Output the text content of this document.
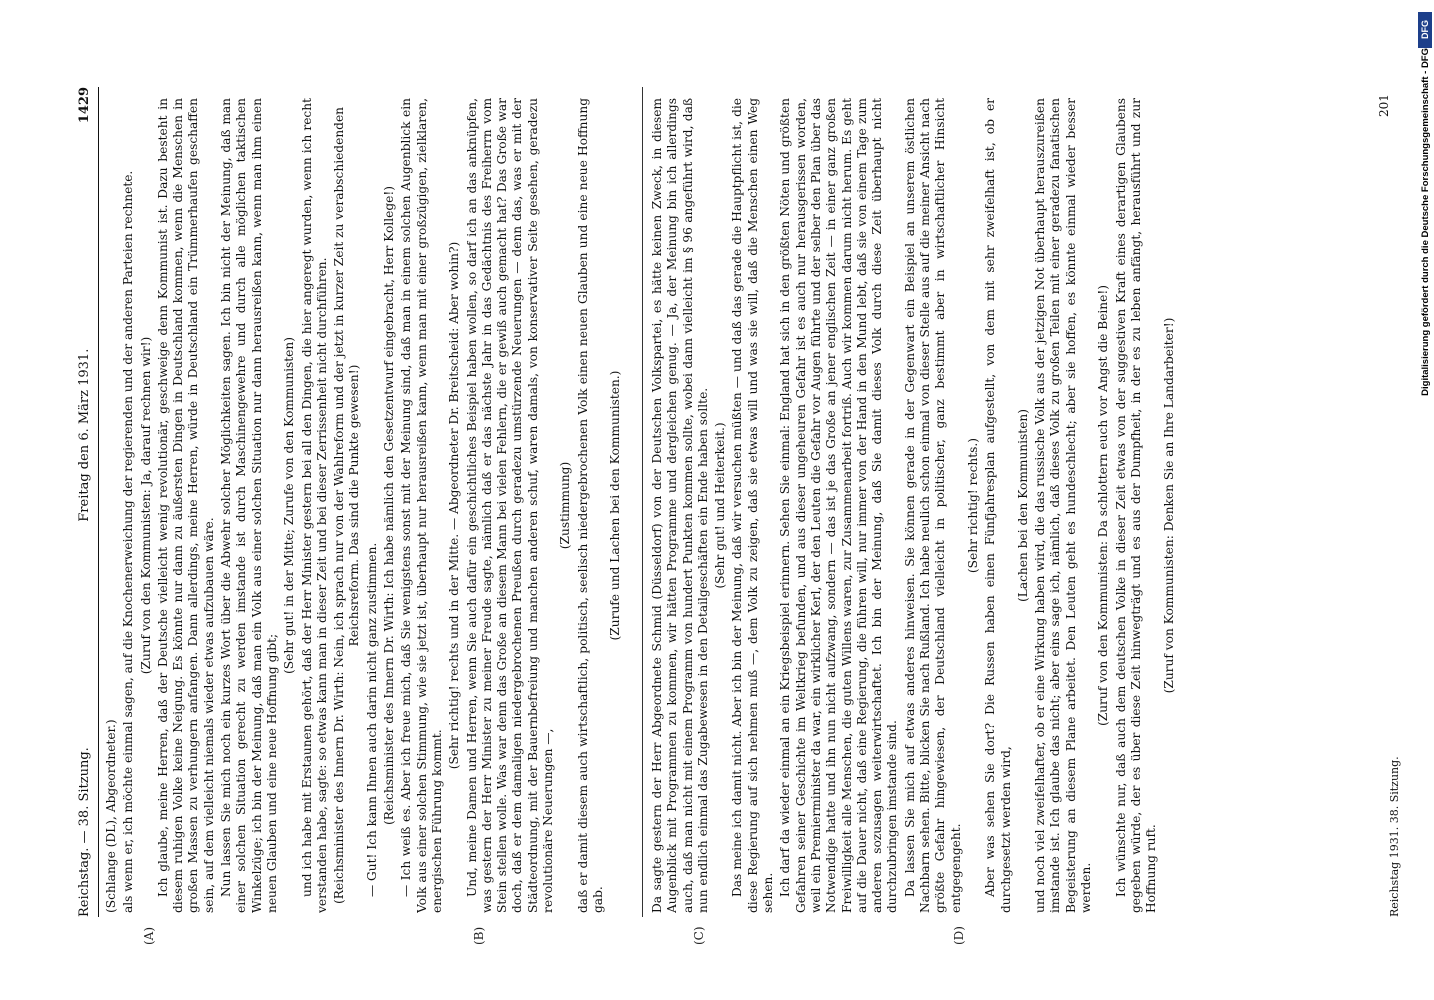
Reichstag. — 38. Sitzung.
Freitag den 6. März 1931.
1429
(A)	(B)	(C)	(D)

(Schlange (DL), Abgeordneter.) als wenn er, ich möchte einmal sagen, auf die Knochenerweichung der regierenden und der anderen Parteien rechnete. (Zuruf von den Kommunisten: Ja, darauf rechnen wir!) Ich glaube, meine Herren, daß der Deutsche vielleicht wenig revolutionär, geschweige denn Kommunist ist. Dazu besteht in diesem ruhigen Volke keine Neigung. Es könnte nur dann zu äußersten Dingen in Deutschland kommen, wenn die Menschen in großen Massen zu verhungern anfangen. Dann allerdings, meine Herren, würde in Deutschland ein Trümmerhaufen geschaffen sein, auf dem vielleicht niemals wieder etwas aufzubauen wäre. Nun lassen Sie mich noch ein kurzes Wort über die Abwehr solcher Möglichkeiten sagen. Ich bin nicht der Meinung, daß man einer solchen Situation gerecht zu werden imstande ist durch Maschinengewehre und durch alle möglichen taktischen Winkelzüge; ich bin der Meinung, daß man ein Volk aus einer solchen Situation nur dann herausreißen kann, wenn man ihm einen neuen Glauben und eine neue Hoffnung gibt;

(Sehr gut! in der Mitte; Zurufe von den Kommunisten) und ich habe mit Erstaunen gehört, daß der Herr Minister gestern bei all den Dingen, die hier angeregt wurden, wenn ich recht verstanden habe, sagte: so etwas kann man in dieser Zeit und bei dieser Zerrissenheit nicht durchführen. (Reichsminister des Innern Dr. Wirth: Nein, ich sprach nur von der Wahlreform und der jetzt in kurzer Zeit zu verabschiedenden Reichsreform. Das sind die Punkte gewesen!)

— Gut! Ich kann Ihnen auch darin nicht ganz zustimmen. (Reichsminister des Innern Dr. Wirth: Ich habe nämlich den Gesetzentwurf eingebracht, Herr Kollege!) — Ich weiß es. Aber ich freue mich, daß Sie wenigstens sonst mit der Meinung sind, daß man in einem solchen Augenblick ein Volk aus einer solchen Stimmung, wie sie jetzt ist, überhaupt nur herausreißen kann, wenn man mit einer großzügigen, zielklaren, energischen Führung kommt.

(Sehr richtig! rechts und in der Mitte. — Abgeordneter Dr. Breitscheid: Aber wohin?) Und, meine Damen und Herren, wenn Sie auch dafür ein geschichtliches Beispiel haben wollen, so darf ich an das anknüpfen, was gestern der Herr Minister zu meiner Freude sagte, nämlich daß er das nächste Jahr in das Gedächtnis des Freiherrn vom Stein stellen wolle. Was war denn das Große an diesem Mann bei vielen Fehlern, die er gewiß auch gemacht hat? Das Große war doch, daß er dem damaligen niedergebrochenen Preußen durch geradezu umstürzende Neuerungen — denn das, was er mit der Städteordnung, mit der Bauernbefreiung und manchen anderen schuf, waren damals, von konservativer Seite gesehen, geradezu revolutionäre Neuerungen —,

(Zustimmung) daß er damit diesem auch wirtschaftlich, politisch, seelisch niedergebrochenen Volk einen neuen Glauben und eine neue Hoffnung gab.

(Zurufe und Lachen bei den Kommunisten.) Da sagte gestern der Herr Abgeordnete Schmid (Düsseldorf) von der Deutschen Volkspartei, es hätte keinen Zweck, in diesem Augenblick mit Programmen zu kommen, wir hätten Programme und dergleichen genug. — Ja, der Meinung bin ich allerdings auch, daß man nicht mit einem Programm von hundert Punkten kommen sollte, wobei dann vielleicht im § 96 angeführt wird, daß nun endlich einmal das Zugabewesen in den Detailgeschäften ein Ende haben sollte. (Sehr gut! und Heiterkeit.) Das meine ich damit nicht. Aber ich bin der Meinung, daß wir versuchen müßten — und daß das gerade die Hauptpflicht ist, die diese Regierung auf sich nehmen muß —, dem Volk zu zeigen, daß sie etwas will und was sie will, daß die Menschen einen Weg sehen. Ich darf da wieder einmal an ein Kriegsbeispiel erinnern. Sehen Sie einmal: England hat sich in den größten Nöten und größten Gefahren seiner Geschichte im Weltkrieg befunden, und aus dieser ungeheuren Gefahr ist es auch nur herausgerissen worden, weil ein Premierminister da war, ein wirklicher Kerl, der den Leuten die Gefahr vor Augen führte und der selber den Plan über das Notwendige hatte und ihn nun nicht aufzwang, sondern — das ist je das Große an jener englischen Zeit — in einer ganz großen Freiwilligkeit alle Menschen, die guten Willens waren, zur Zusammenarbeit fortriß. Auch wir kommen darum nicht herum. Es geht auf die Dauer nicht, daß eine Regierung, die führen will, nur immer von der Hand in den Mund lebt, daß sie von einem Tage zum anderen sozusagen weiterwirtschaftet. Ich bin der Meinung, daß Sie damit dieses Volk durch diese Zeit überhaupt nicht durchzubringen imstande sind. Da lassen Sie mich auf etwas anderes hinweisen. Sie können gerade in der Gegenwart ein Beispiel an unserem östlichen Nachbarn sehen. Bitte, blicken Sie nach Rußland. Ich habe neulich schon einmal von dieser Stelle aus auf die meiner Ansicht nach größte Gefahr hingewiesen, der Deutschland vielleicht in politischer, ganz bestimmt aber in wirtschaftlicher Hinsicht entgegengeht.

(Sehr richtig! rechts.) Aber was sehen Sie dort? Die Russen haben einen Fünfjahresplan aufgestellt, von dem mit sehr zweifelhaft ist, ob er durchgesetzt werden wird,

(Lachen bei den Kommunisten) und noch viel zweifelhafter, ob er eine Wirkung haben wird, die das russische Volk aus der jetzigen Not überhaupt herauszureißen imstande ist. Ich glaube das nicht; aber eins sage ich, nämlich, daß dieses Volk zu großen Teilen mit einer geradezu fanatischen Begeisterung an diesem Plane arbeitet. Den Leuten geht es hundeschlecht; aber sie hoffen, es könnte einmal wieder besser werden.

(Zuruf von den Kommunisten: Da schlottern euch vor Angst die Beine!) Ich wünschte nur, daß auch dem deutschen Volke in dieser Zeit etwas von der suggestiven Kraft eines derartigen Glaubens gegeben würde, der es über diese Zeit hinwegträgt und es aus der Dumpfheit, in der es zu leben anfängt, herausführt und zur Hoffnung ruft.

(Zuruf von Kommunisten: Denken Sie an Ihre Landarbeiter!)

Reichstag 1931. 38. Sitzung.
201
DFG
Digitalisierung gefördert durch die Deutsche Forschungsgemeinschaft - DFG
